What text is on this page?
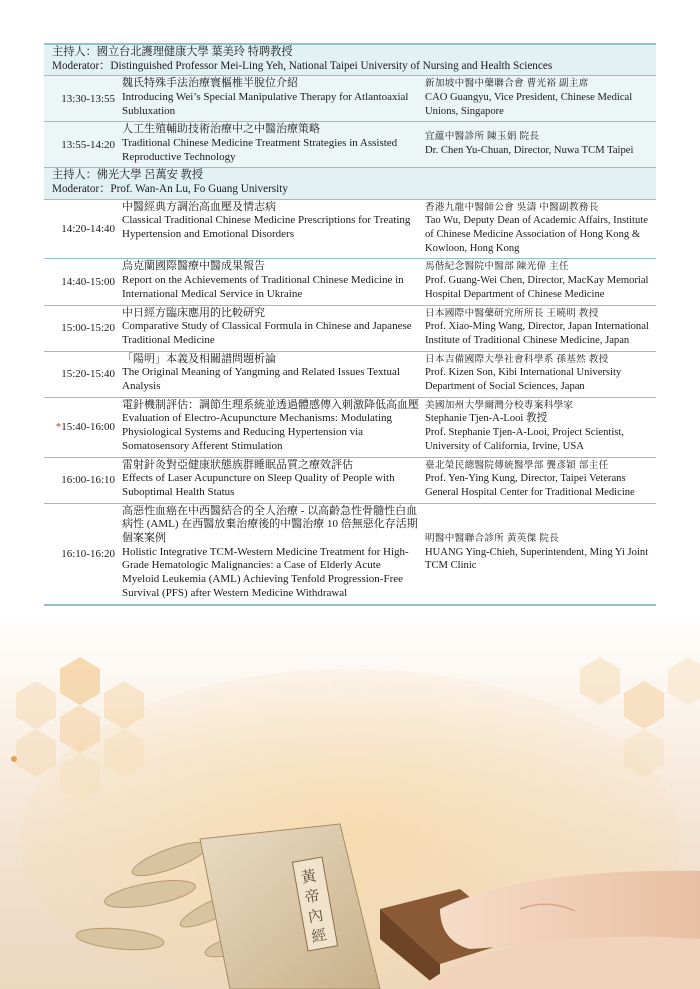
黃
帝
內
經
主持人：國立台北護理健康大學 葉美玲 特聘教授
Moderator：Distinguished Professor Mei-Ling Yeh, National Taipei University of Nursing and Health Sciences
13:30-13:55
魏氏特殊手法治療寰樞椎半脫位介紹
Introducing Wei’s Special Manipulative Therapy for Atlantoaxial Subluxation
新加坡中醫中藥聯合會 曹光裕 副主席
CAO Guangyu, Vice President, Chinese Medical Unions, Singapore
13:55-14:20
人工生殖輔助技術治療中之中醫治療策略
Traditional Chinese Medicine Treatment Strategies in Assisted Reproductive Technology
宜蘊中醫診所 陳玉娟 院長
Dr. Chen Yu-Chuan, Director, Nuwa TCM Taipei
主持人：佛光大學 呂萬安 教授
Moderator：Prof. Wan-An Lu, Fo Guang University
14:20-14:40
中醫經典方調治高血壓及情志病
Classical Traditional Chinese Medicine Prescriptions for Treating Hypertension and Emotional Disorders
香港九龍中醫師公會 吳濤 中醫副教務長
Tao Wu, Deputy Dean of Academic Affairs, Institute of Chinese Medicine Association of Hong Kong & Kowloon, Hong Kong
14:40-15:00
烏克蘭國際醫療中醫成果報告
Report on the Achievements of Traditional Chinese Medicine in International Medical Service in Ukraine
馬偕紀念醫院中醫部 陳光偉 主任
Prof. Guang-Wei Chen, Director, MacKay Memorial Hospital Department of Chinese Medicine
15:00-15:20
中日經方臨床應用的比較研究
Comparative Study of Classical Formula in Chinese and Japanese Traditional Medicine
日本國際中醫藥研究所所長 王曉明 教授
Prof. Xiao-Ming Wang, Director, Japan International Institute of Traditional Chinese Medicine, Japan
15:20-15:40
「陽明」本義及相關譜問題析論
The Original Meaning of Yangming and Related Issues Textual Analysis
日本吉備國際大學社會科學系 孫基然 教授
Prof. Kizen Son, Kibi International University Department of Social Sciences, Japan
* 15:40-16:00
電針機制評估：調節生理系統並透過體感傳入刺激降低高血壓
Evaluation of Electro-Acupuncture Mechanisms: Modulating Physiological Systems and Reducing Hypertension via Somatosensory Afferent Stimulation
美國加州大學爾灣分校專案科學家
Stephanie Tjen-A-Looi 教授
Prof. Stephanie Tjen-A-Looi, Project Scientist, University of California, Irvine, USA
16:00-16:10
雷射針灸對亞健康狀態族群睡眠品質之療效評估
Effects of Laser Acupuncture on Sleep Quality of People with Suboptimal Health Status
臺北榮民總醫院傳統醫學部 龔彥穎 部主任
Prof. Yen-Ying Kung, Director, Taipei Veterans General Hospital Center for Traditional Medicine
16:10-16:20
高惡性血癌在中西醫結合的全人治療 - 以高齡急性骨髓性白血病性 (AML) 在西醫放棄治療後的中醫治療 10 倍無惡化存活期個案案例
Holistic Integrative TCM-Western Medicine Treatment for High-Grade Hematologic Malignancies: a Case of Elderly Acute Myeloid Leukemia (AML) Achieving Tenfold Progression-Free Survival (PFS) after Western Medicine Withdrawal
明醫中醫聯合診所 黃英傑 院長
HUANG Ying-Chieh, Superintendent, Ming Yi Joint TCM Clinic
